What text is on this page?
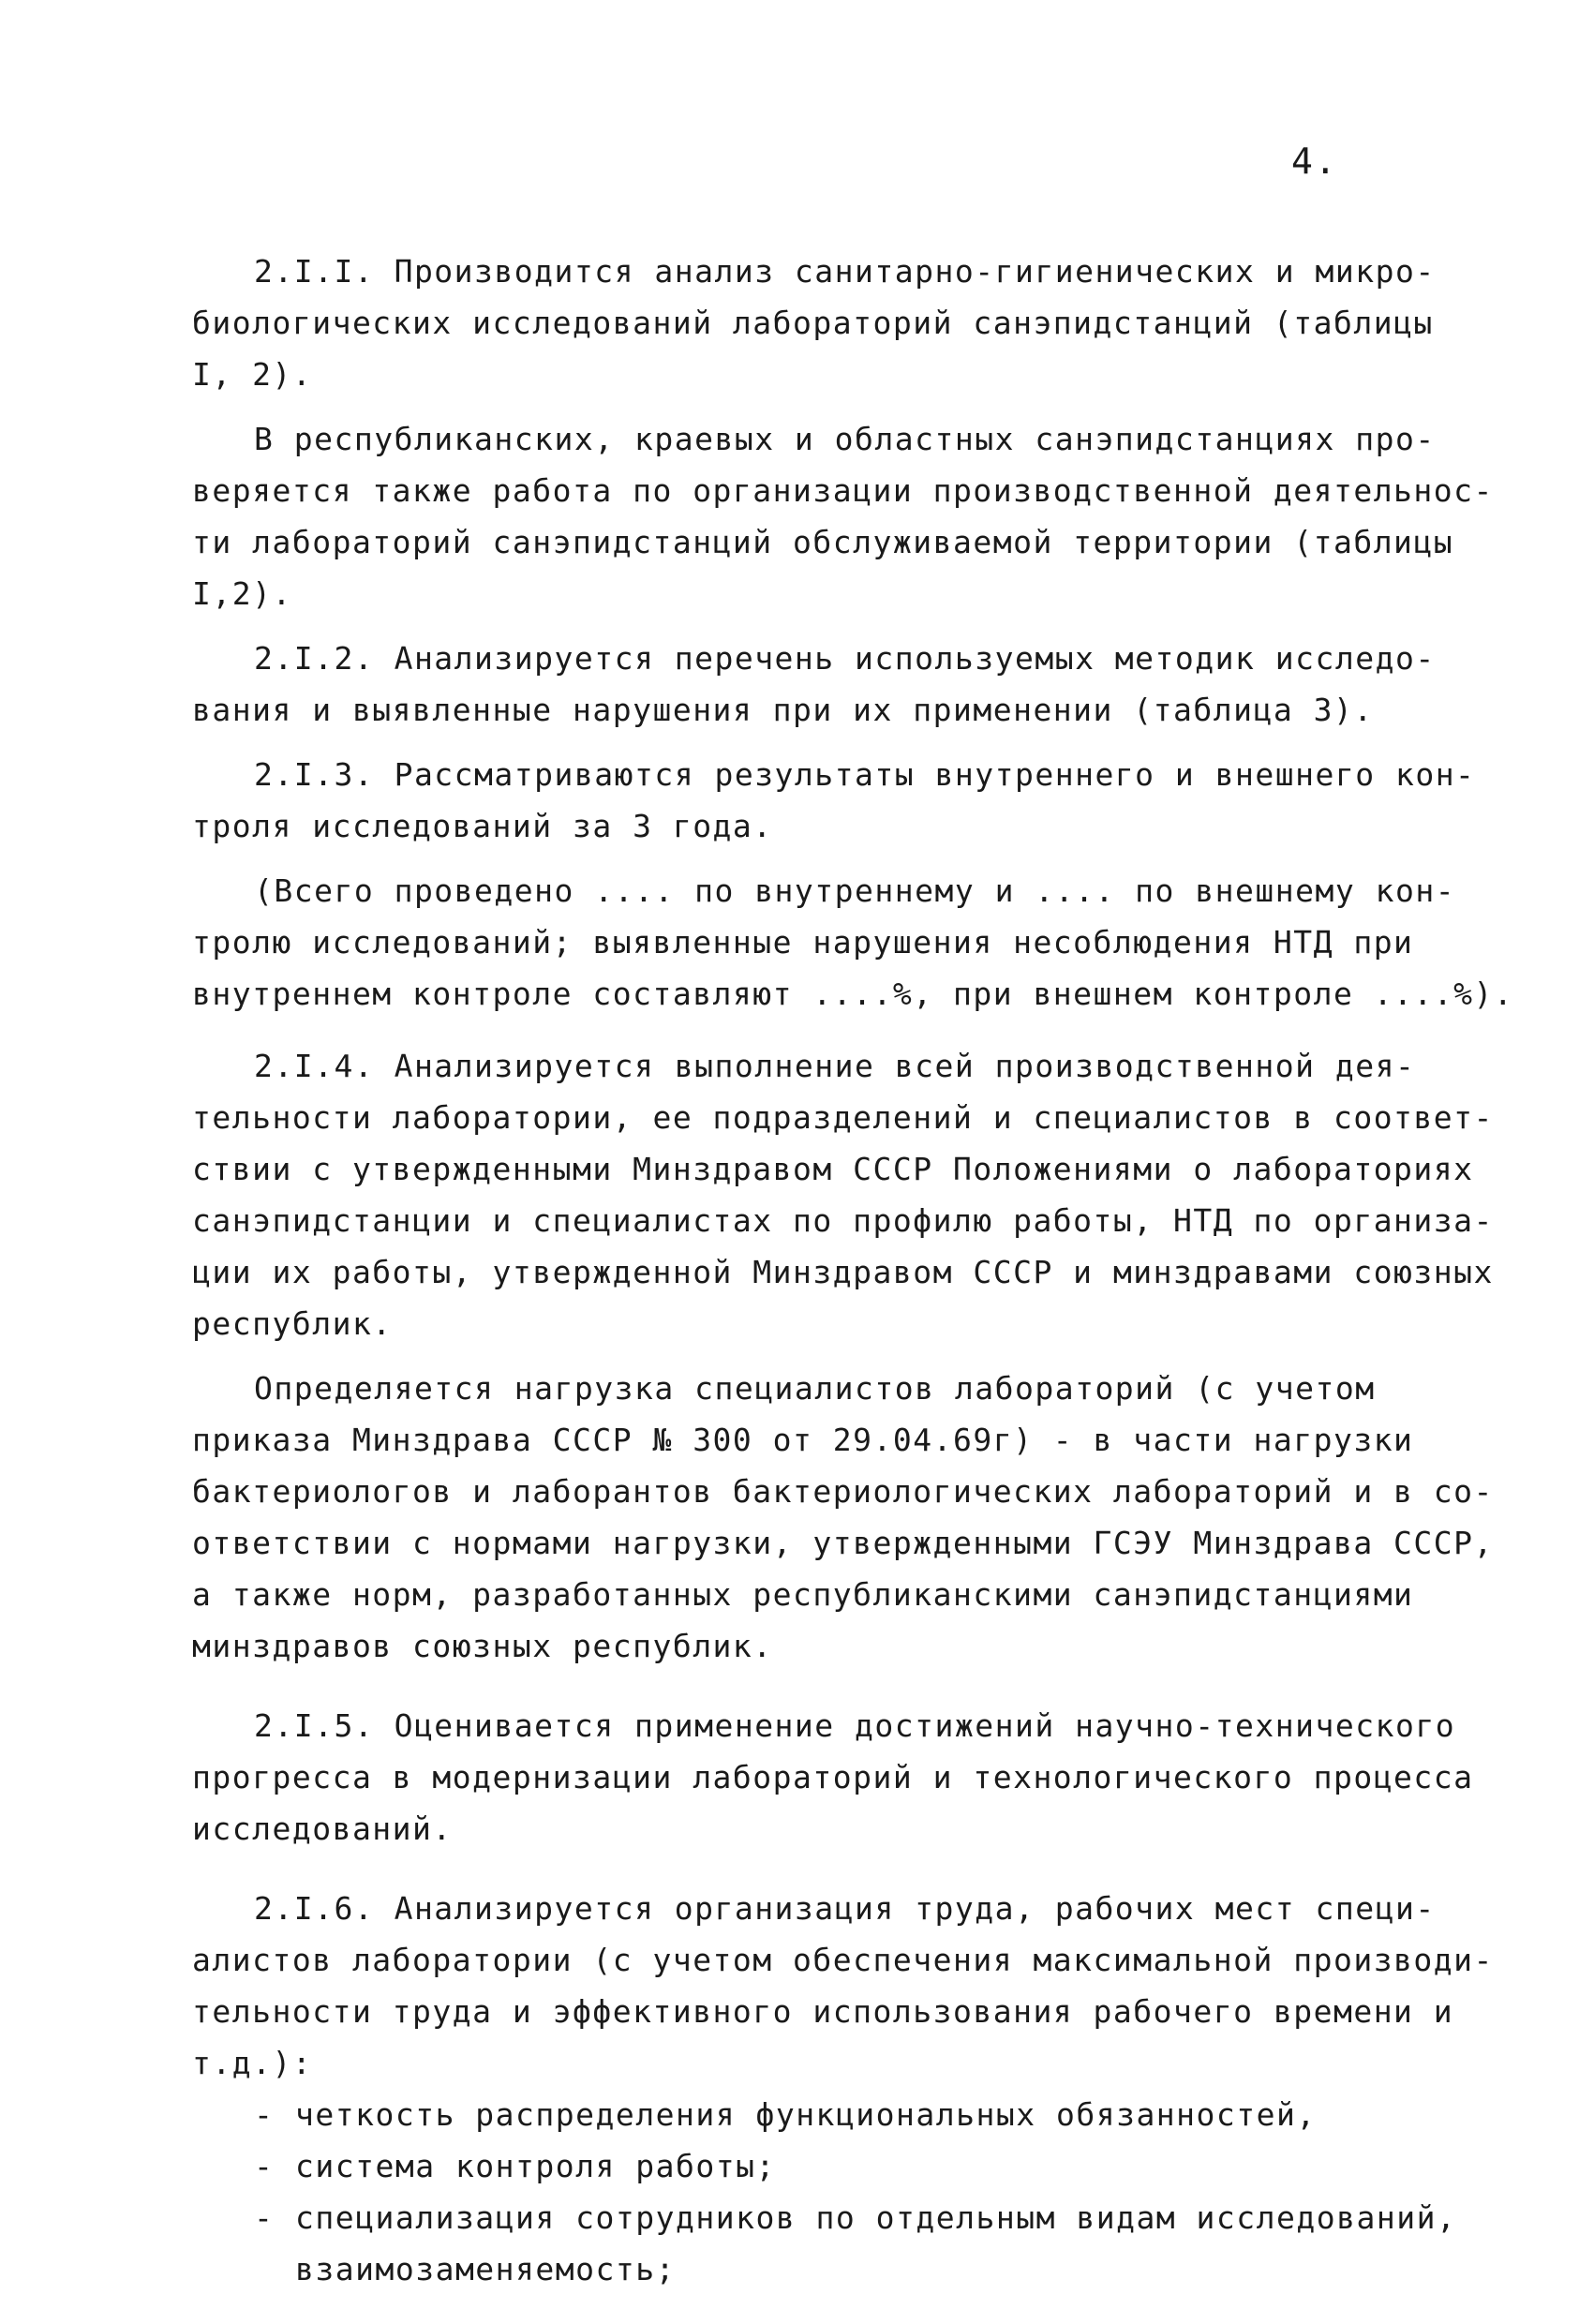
4.
2.I.I. Производится анализ санитарно-гигиенических и микро-
биологических исследований лабораторий санэпидстанций (таблицы
I, 2).
В республиканских, краевых и областных санэпидстанциях про-
веряется также работа по организации производственной деятельнос-
ти лабораторий санэпидстанций обслуживаемой территории (таблицы
I,2).
2.I.2. Анализируется перечень используемых методик исследо-
вания и выявленные нарушения при их применении (таблица 3).
2.I.3. Рассматриваются результаты внутреннего и внешнего кон-
троля исследований за 3 года.
(Всего проведено .... по внутреннему и .... по внешнему кон-
тролю исследований; выявленные нарушения несоблюдения НТД при
внутреннем контроле составляют ....%, при внешнем контроле ....%).
2.I.4. Анализируется выполнение всей производственной дея-
тельности лаборатории, ее подразделений и специалистов в соответ-
ствии с утвержденными Минздравом СССР Положениями о лабораториях
санэпидстанции и специалистах по профилю работы, НТД по организа-
ции их работы, утвержденной Минздравом СССР и минздравами союзных
республик.
Определяется нагрузка специалистов лабораторий (с учетом
приказа Минздрава СССР № 300 от 29.04.69г) - в части нагрузки
бактериологов и лаборантов бактериологических лабораторий и в со-
ответствии с нормами нагрузки, утвержденными ГСЭУ Минздрава СССР,
а также норм, разработанных республиканскими санэпидстанциями
минздравов союзных республик.
2.I.5. Оценивается применение достижений научно-технического
прогресса в модернизации лабораторий и технологического процесса
исследований.
2.I.6. Анализируется организация труда, рабочих мест специ-
алистов лаборатории (с учетом обеспечения максимальной производи-
тельности труда и эффективного использования рабочего времени и
т.д.):
- четкость распределения функциональных обязанностей,
- система контроля работы;
- специализация сотрудников по отдельным видам исследований,
взаимозаменяемость;
